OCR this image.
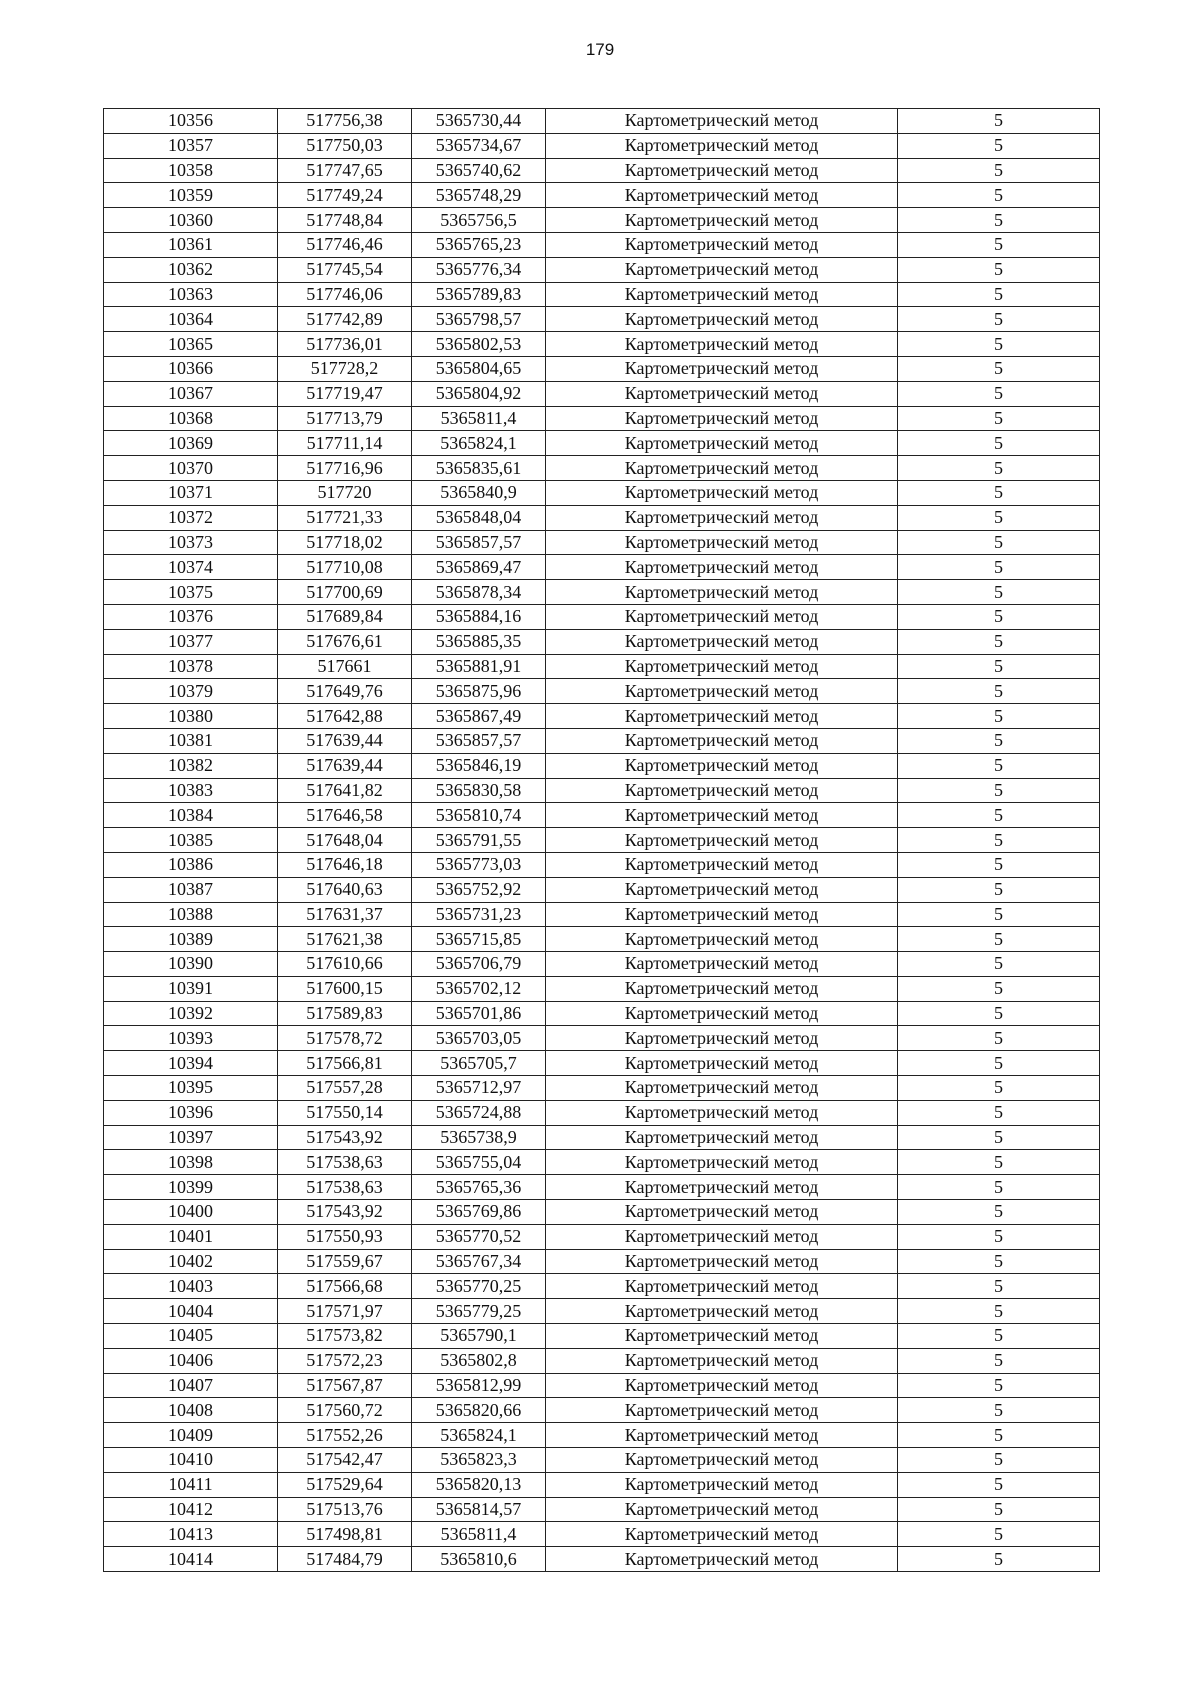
179
10356	517756,38	5365730,44	Картометрический метод	5
10357	517750,03	5365734,67	Картометрический метод	5
10358	517747,65	5365740,62	Картометрический метод	5
10359	517749,24	5365748,29	Картометрический метод	5
10360	517748,84	5365756,5	Картометрический метод	5
10361	517746,46	5365765,23	Картометрический метод	5
10362	517745,54	5365776,34	Картометрический метод	5
10363	517746,06	5365789,83	Картометрический метод	5
10364	517742,89	5365798,57	Картометрический метод	5
10365	517736,01	5365802,53	Картометрический метод	5
10366	517728,2	5365804,65	Картометрический метод	5
10367	517719,47	5365804,92	Картометрический метод	5
10368	517713,79	5365811,4	Картометрический метод	5
10369	517711,14	5365824,1	Картометрический метод	5
10370	517716,96	5365835,61	Картометрический метод	5
10371	517720	5365840,9	Картометрический метод	5
10372	517721,33	5365848,04	Картометрический метод	5
10373	517718,02	5365857,57	Картометрический метод	5
10374	517710,08	5365869,47	Картометрический метод	5
10375	517700,69	5365878,34	Картометрический метод	5
10376	517689,84	5365884,16	Картометрический метод	5
10377	517676,61	5365885,35	Картометрический метод	5
10378	517661	5365881,91	Картометрический метод	5
10379	517649,76	5365875,96	Картометрический метод	5
10380	517642,88	5365867,49	Картометрический метод	5
10381	517639,44	5365857,57	Картометрический метод	5
10382	517639,44	5365846,19	Картометрический метод	5
10383	517641,82	5365830,58	Картометрический метод	5
10384	517646,58	5365810,74	Картометрический метод	5
10385	517648,04	5365791,55	Картометрический метод	5
10386	517646,18	5365773,03	Картометрический метод	5
10387	517640,63	5365752,92	Картометрический метод	5
10388	517631,37	5365731,23	Картометрический метод	5
10389	517621,38	5365715,85	Картометрический метод	5
10390	517610,66	5365706,79	Картометрический метод	5
10391	517600,15	5365702,12	Картометрический метод	5
10392	517589,83	5365701,86	Картометрический метод	5
10393	517578,72	5365703,05	Картометрический метод	5
10394	517566,81	5365705,7	Картометрический метод	5
10395	517557,28	5365712,97	Картометрический метод	5
10396	517550,14	5365724,88	Картометрический метод	5
10397	517543,92	5365738,9	Картометрический метод	5
10398	517538,63	5365755,04	Картометрический метод	5
10399	517538,63	5365765,36	Картометрический метод	5
10400	517543,92	5365769,86	Картометрический метод	5
10401	517550,93	5365770,52	Картометрический метод	5
10402	517559,67	5365767,34	Картометрический метод	5
10403	517566,68	5365770,25	Картометрический метод	5
10404	517571,97	5365779,25	Картометрический метод	5
10405	517573,82	5365790,1	Картометрический метод	5
10406	517572,23	5365802,8	Картометрический метод	5
10407	517567,87	5365812,99	Картометрический метод	5
10408	517560,72	5365820,66	Картометрический метод	5
10409	517552,26	5365824,1	Картометрический метод	5
10410	517542,47	5365823,3	Картометрический метод	5
10411	517529,64	5365820,13	Картометрический метод	5
10412	517513,76	5365814,57	Картометрический метод	5
10413	517498,81	5365811,4	Картометрический метод	5
10414	517484,79	5365810,6	Картометрический метод	5
